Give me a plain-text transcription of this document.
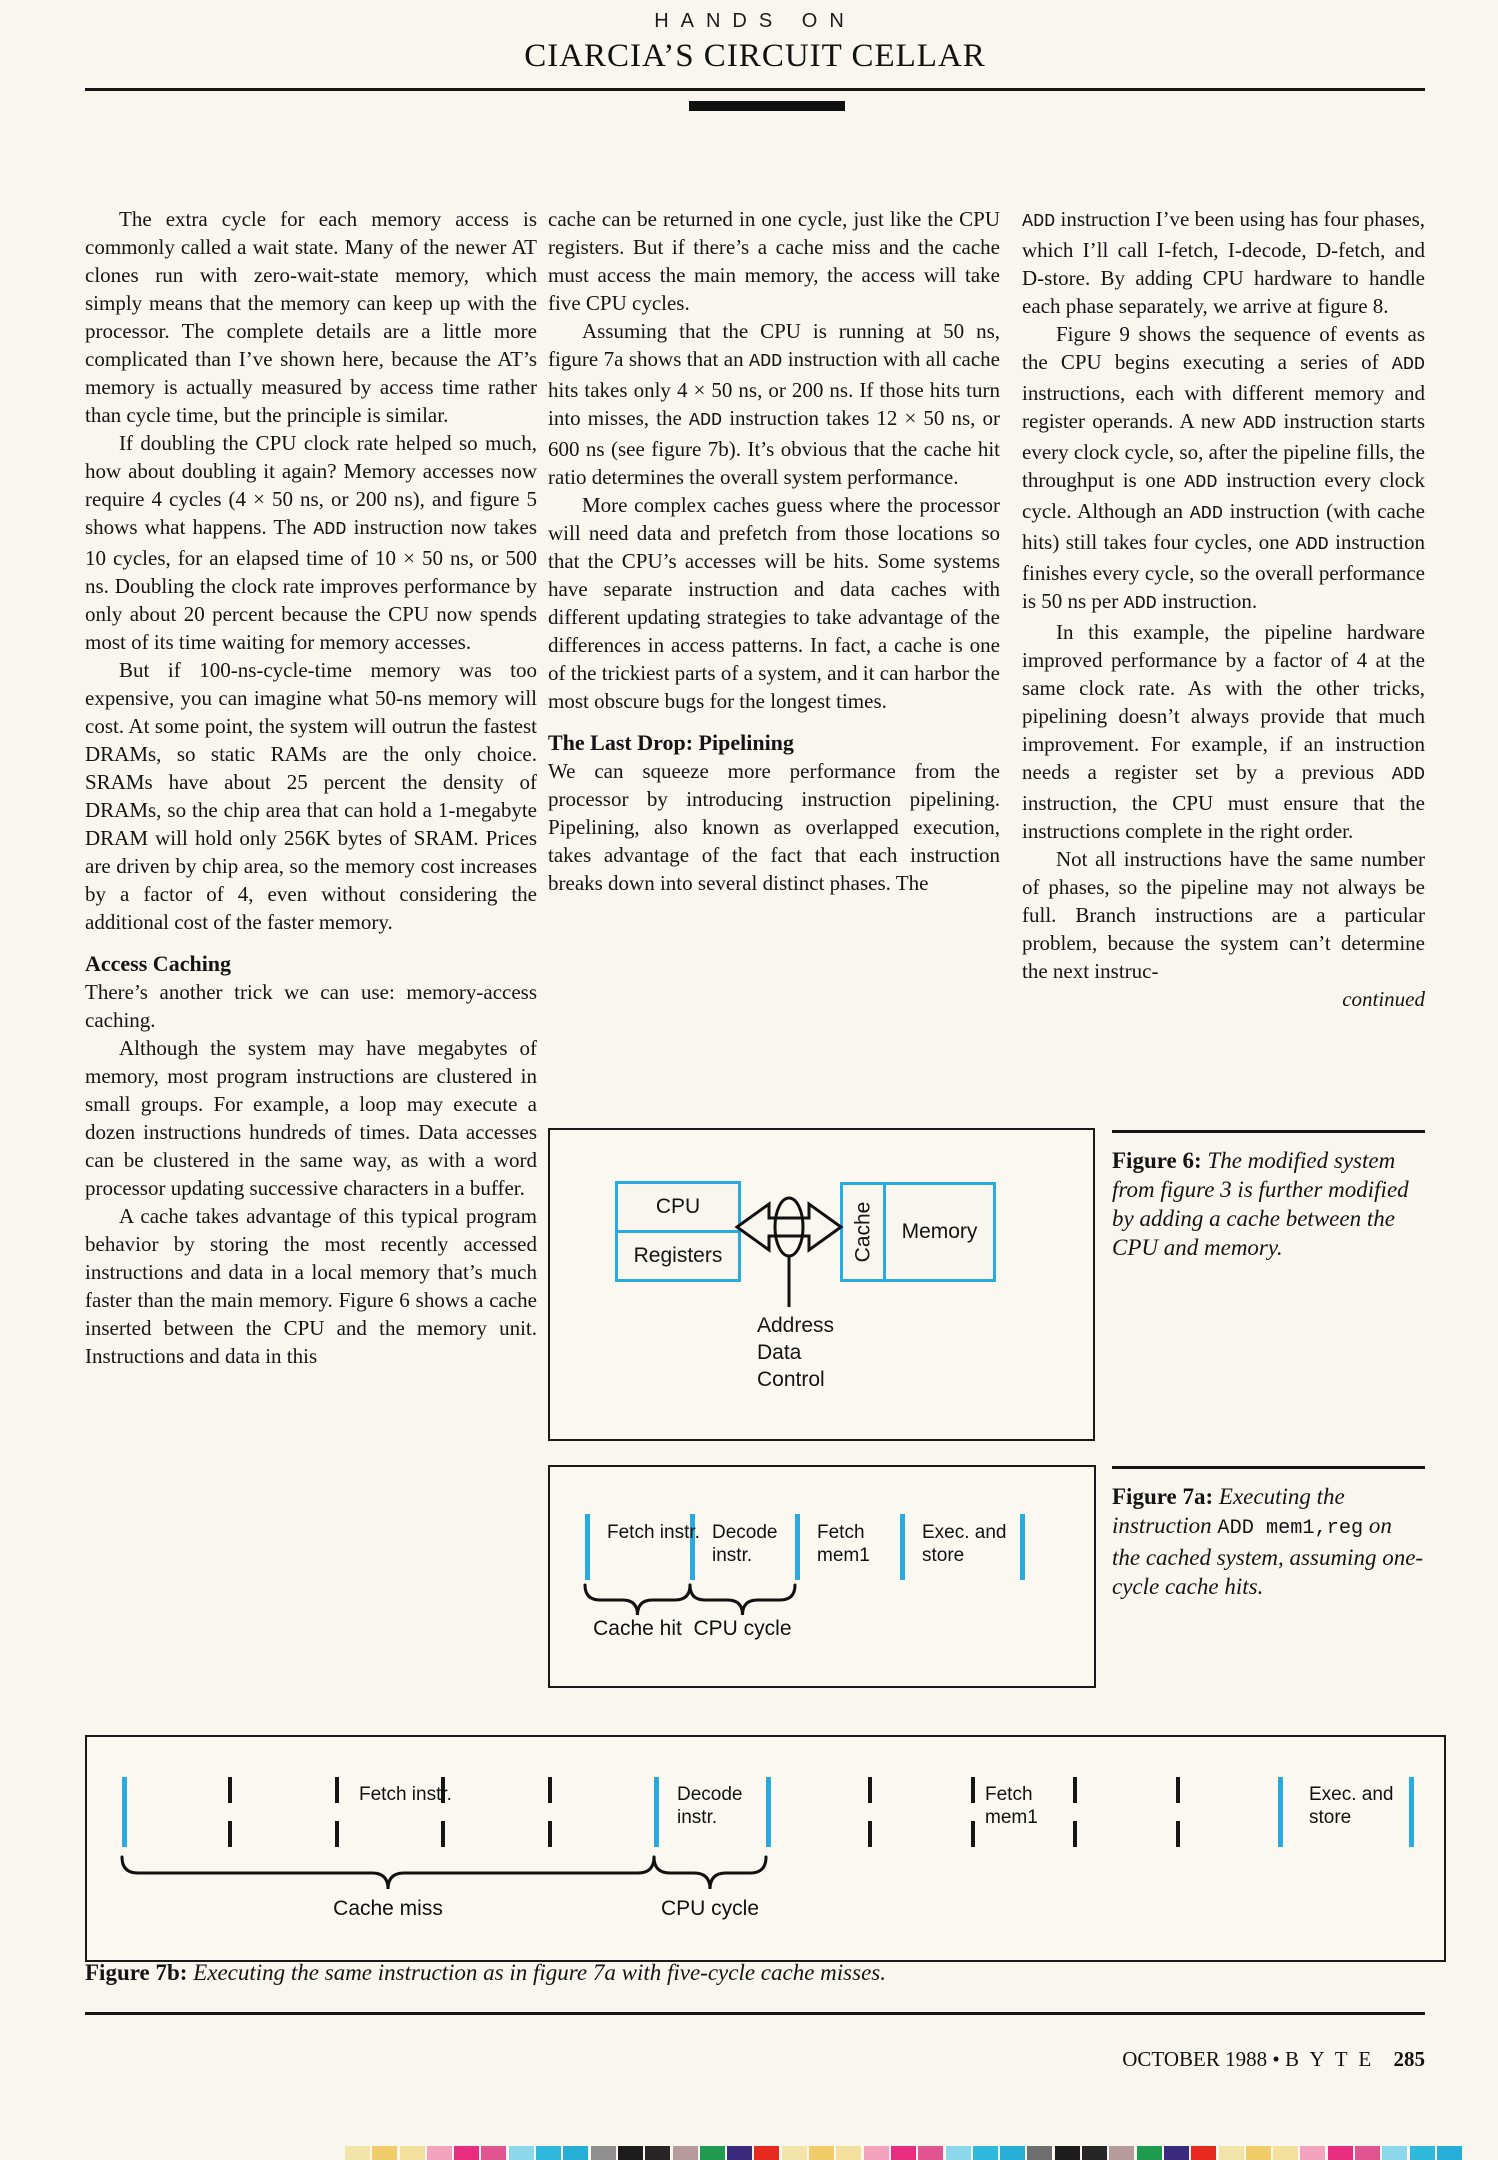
HANDS ON
CIARCIA’S CIRCUIT CELLAR

The extra cycle for each memory access is commonly called a wait state. Many of the newer AT clones run with zero-wait-state memory, which simply means that the memory can keep up with the processor. The complete details are a little more complicated than I’ve shown here, because the AT’s memory is actually measured by access time rather than cycle time, but the principle is similar.

If doubling the CPU clock rate helped so much, how about doubling it again? Memory accesses now require 4 cycles (4 × 50 ns, or 200 ns), and figure 5 shows what happens. The ADD instruction now takes 10 cycles, for an elapsed time of 10 × 50 ns, or 500 ns. Doubling the clock rate improves performance by only about 20 percent because the CPU now spends most of its time waiting for memory accesses.

But if 100-ns-cycle-time memory was too expensive, you can imagine what 50-ns memory will cost. At some point, the system will outrun the fastest DRAMs, so static RAMs are the only choice. SRAMs have about 25 percent the density of DRAMs, so the chip area that can hold a 1-megabyte DRAM will hold only 256K bytes of SRAM. Prices are driven by chip area, so the memory cost increases by a factor of 4, even without considering the additional cost of the faster memory.

Access Caching

There’s another trick we can use: memory-access caching.

Although the system may have megabytes of memory, most program instructions are clustered in small groups. For example, a loop may execute a dozen instructions hundreds of times. Data accesses can be clustered in the same way, as with a word processor updating successive characters in a buffer.

A cache takes advantage of this typical program behavior by storing the most recently accessed instructions and data in a local memory that’s much faster than the main memory. Figure 6 shows a cache inserted between the CPU and the memory unit. Instructions and data in this

cache can be returned in one cycle, just like the CPU registers. But if there’s a cache miss and the cache must access the main memory, the access will take five CPU cycles.

Assuming that the CPU is running at 50 ns, figure 7a shows that an ADD instruction with all cache hits takes only 4 × 50 ns, or 200 ns. If those hits turn into misses, the ADD instruction takes 12 × 50 ns, or 600 ns (see figure 7b). It’s obvious that the cache hit ratio determines the overall system performance.

More complex caches guess where the processor will need data and prefetch from those locations so that the CPU’s accesses will be hits. Some systems have separate instruction and data caches with different updating strategies to take advantage of the differences in access patterns. In fact, a cache is one of the trickiest parts of a system, and it can harbor the most obscure bugs for the longest times.

The Last Drop: Pipelining

We can squeeze more performance from the processor by introducing instruction pipelining. Pipelining, also known as overlapped execution, takes advantage of the fact that each instruction breaks down into several distinct phases. The

ADD instruction I’ve been using has four phases, which I’ll call I-fetch, I-decode, D-fetch, and D-store. By adding CPU hardware to handle each phase separately, we arrive at figure 8.

Figure 9 shows the sequence of events as the CPU begins executing a series of ADD instructions, each with different memory and register operands. A new ADD instruction starts every clock cycle, so, after the pipeline fills, the throughput is one ADD instruction every clock cycle. Although an ADD instruction (with cache hits) still takes four cycles, one ADD instruction finishes every cycle, so the overall performance is 50 ns per ADD instruction.

In this example, the pipeline hardware improved performance by a factor of 4 at the same clock rate. As with the other tricks, pipelining doesn’t always provide that much improvement. For example, if an instruction needs a register set by a previous ADD instruction, the CPU must ensure that the instructions complete in the right order.

Not all instructions have the same number of phases, so the pipeline may not always be full. Branch instructions are a particular problem, because the system can’t determine the next instruc-

continued
CPU
Registers	Cache	Memory
Address
Data
Control
Fetch instr. Decode instr.
Fetch mem1
Exec. and store
Cache hit CPU cycle
Fetch instr.	Decode instr.
Fetch mem1
Exec. and store
Cache miss	CPU cycle
Figure 6: The modified system from figure 3 is further modified by adding a cache between the CPU and memory.
Figure 7a: Executing the instruction ADD mem1,reg on the cached system, assuming one-cycle cache hits.
Figure 7b: Executing the same instruction as in figure 7a with five-cycle cache misses.
OCTOBER 1988 • B Y T E 285
